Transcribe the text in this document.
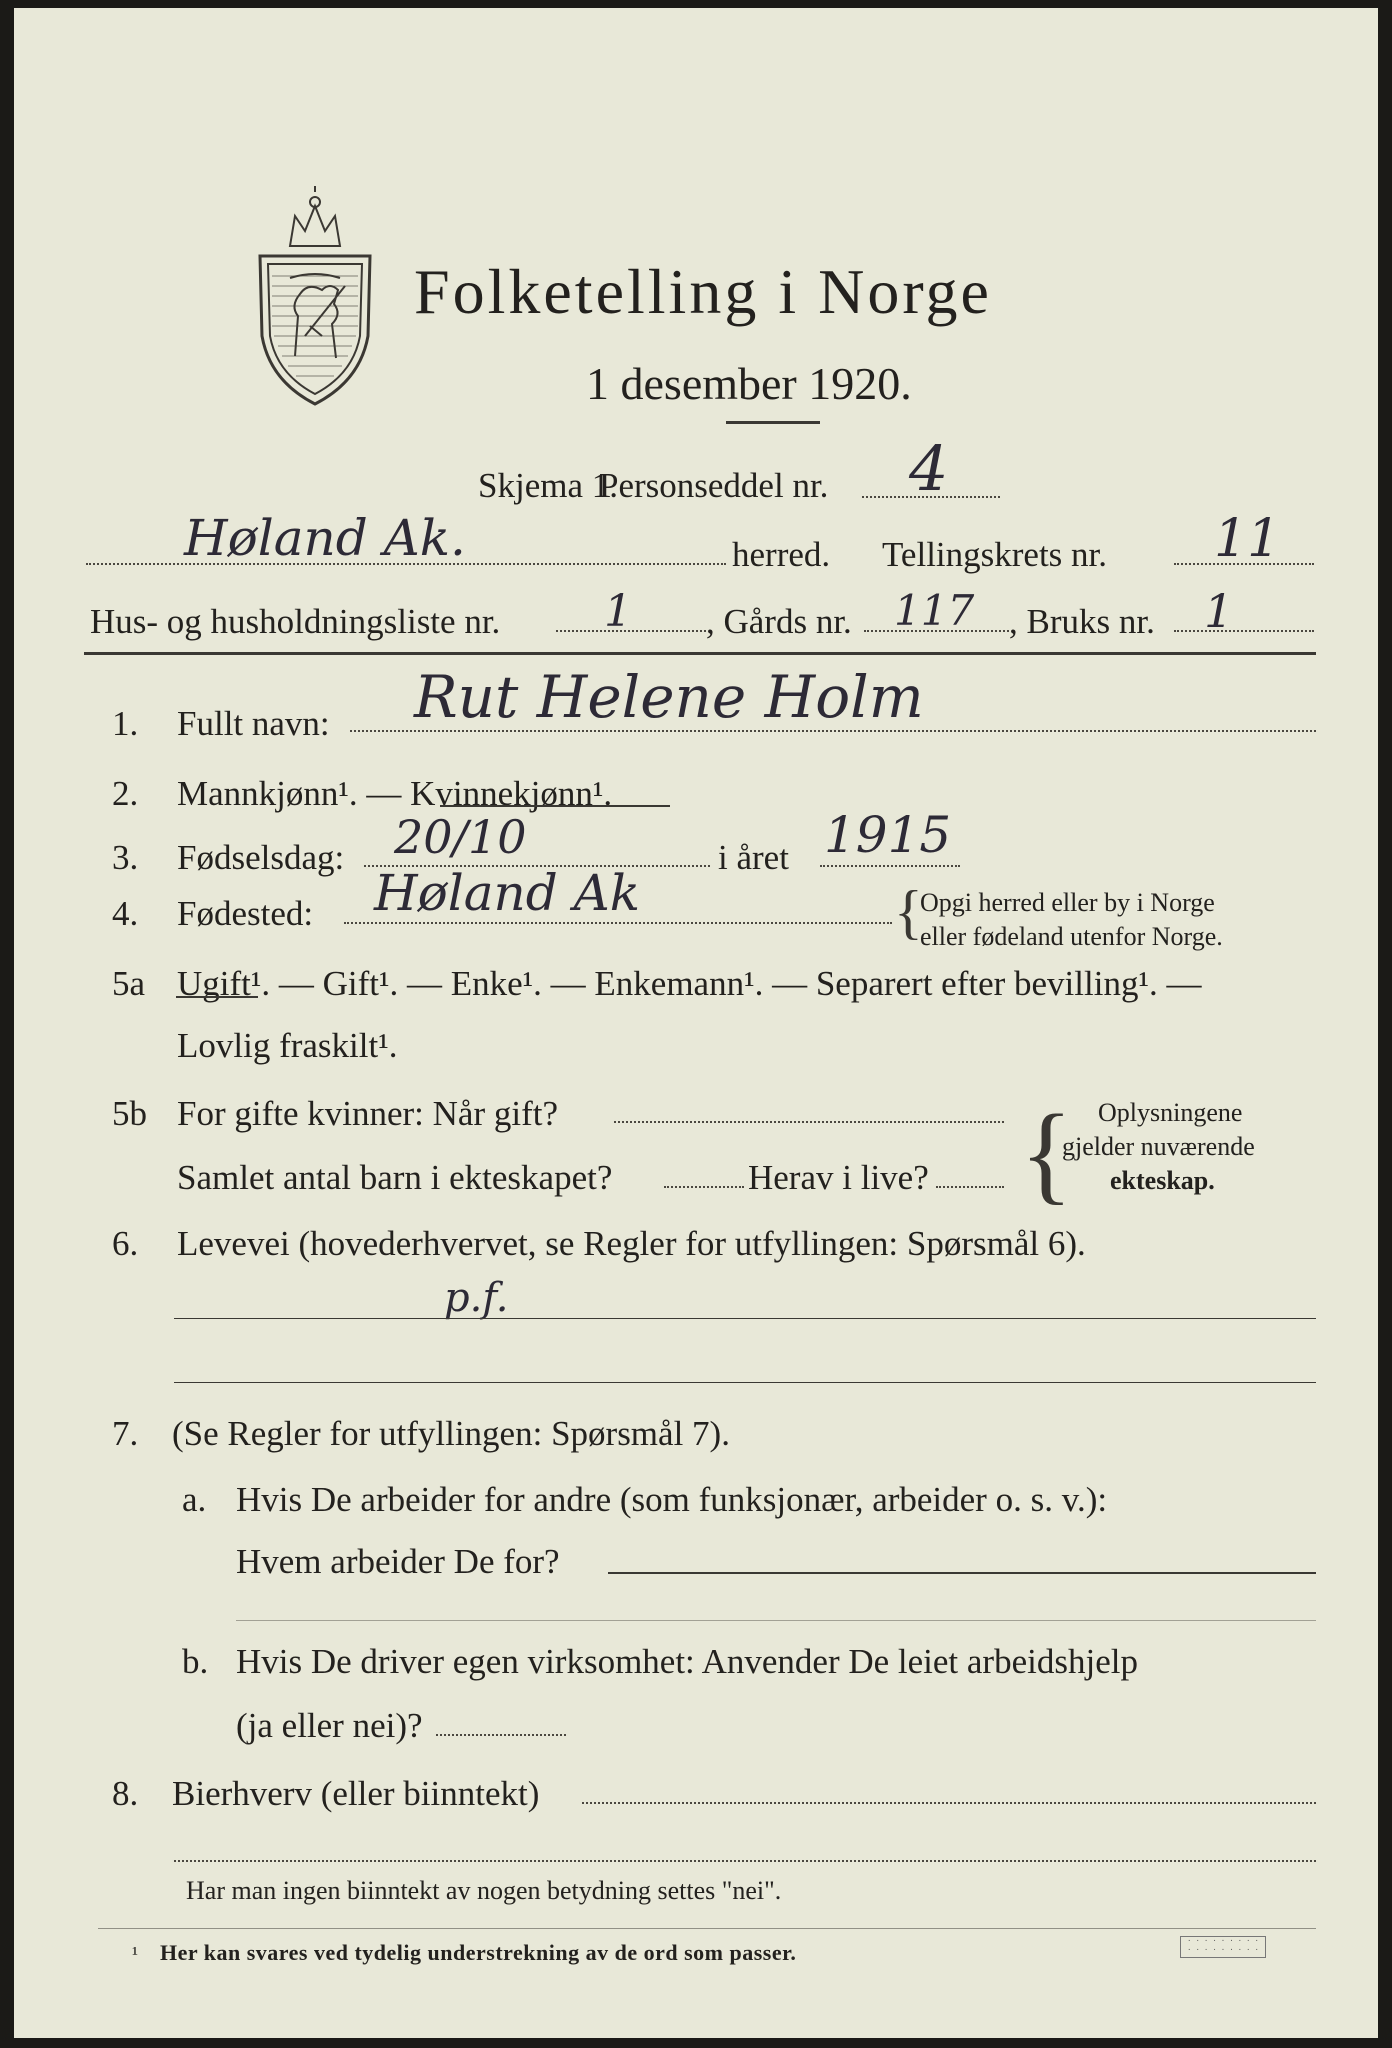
Folketelling i Norge
1 desember 1920.
Skjema 1.
Personseddel nr. 4
Høland Ak.	herred. Tellingskrets nr. 11
Hus- og husholdningsliste nr. 1 , Gårds nr. 117 , Bruks nr. 1
1. Fullt navn: Rut Helene Holm
2. Mannkjønn¹. — Kvinnekjønn¹.
3. Fødselsdag: 20/10	i året 1915
4. Fødested: Høland Ak	{
Opgi herred eller by i Norge
eller fødeland utenfor Norge.
5a Ugift¹. — Gift¹. — Enke¹. — Enkemann¹. — Separert efter bevilling¹. —
Lovlig fraskilt¹.
5b For gifte kvinner: Når gift?
Samlet antal barn i ekteskapet?	Herav i live? { Oplysningene
gjelder nuværende
ekteskap.
6. Levevei (hovederhvervet, se Regler for utfyllingen: Spørsmål 6).
p.f.
7. (Se Regler for utfyllingen: Spørsmål 7).
a. Hvis De arbeider for andre (som funksjonær, arbeider o. s. v.):
Hvem arbeider De for?
b. Hvis De driver egen virksomhet: Anvender De leiet arbeidshjelp
(ja eller nei)?
8. Bierhverv (eller biinntekt)
Har man ingen biinntekt av nogen betydning settes "nei".
¹ Her kan svares ved tydelig understrekning av de ord som passer.	· · · · · · · · ·
· · · · · · · · ·
